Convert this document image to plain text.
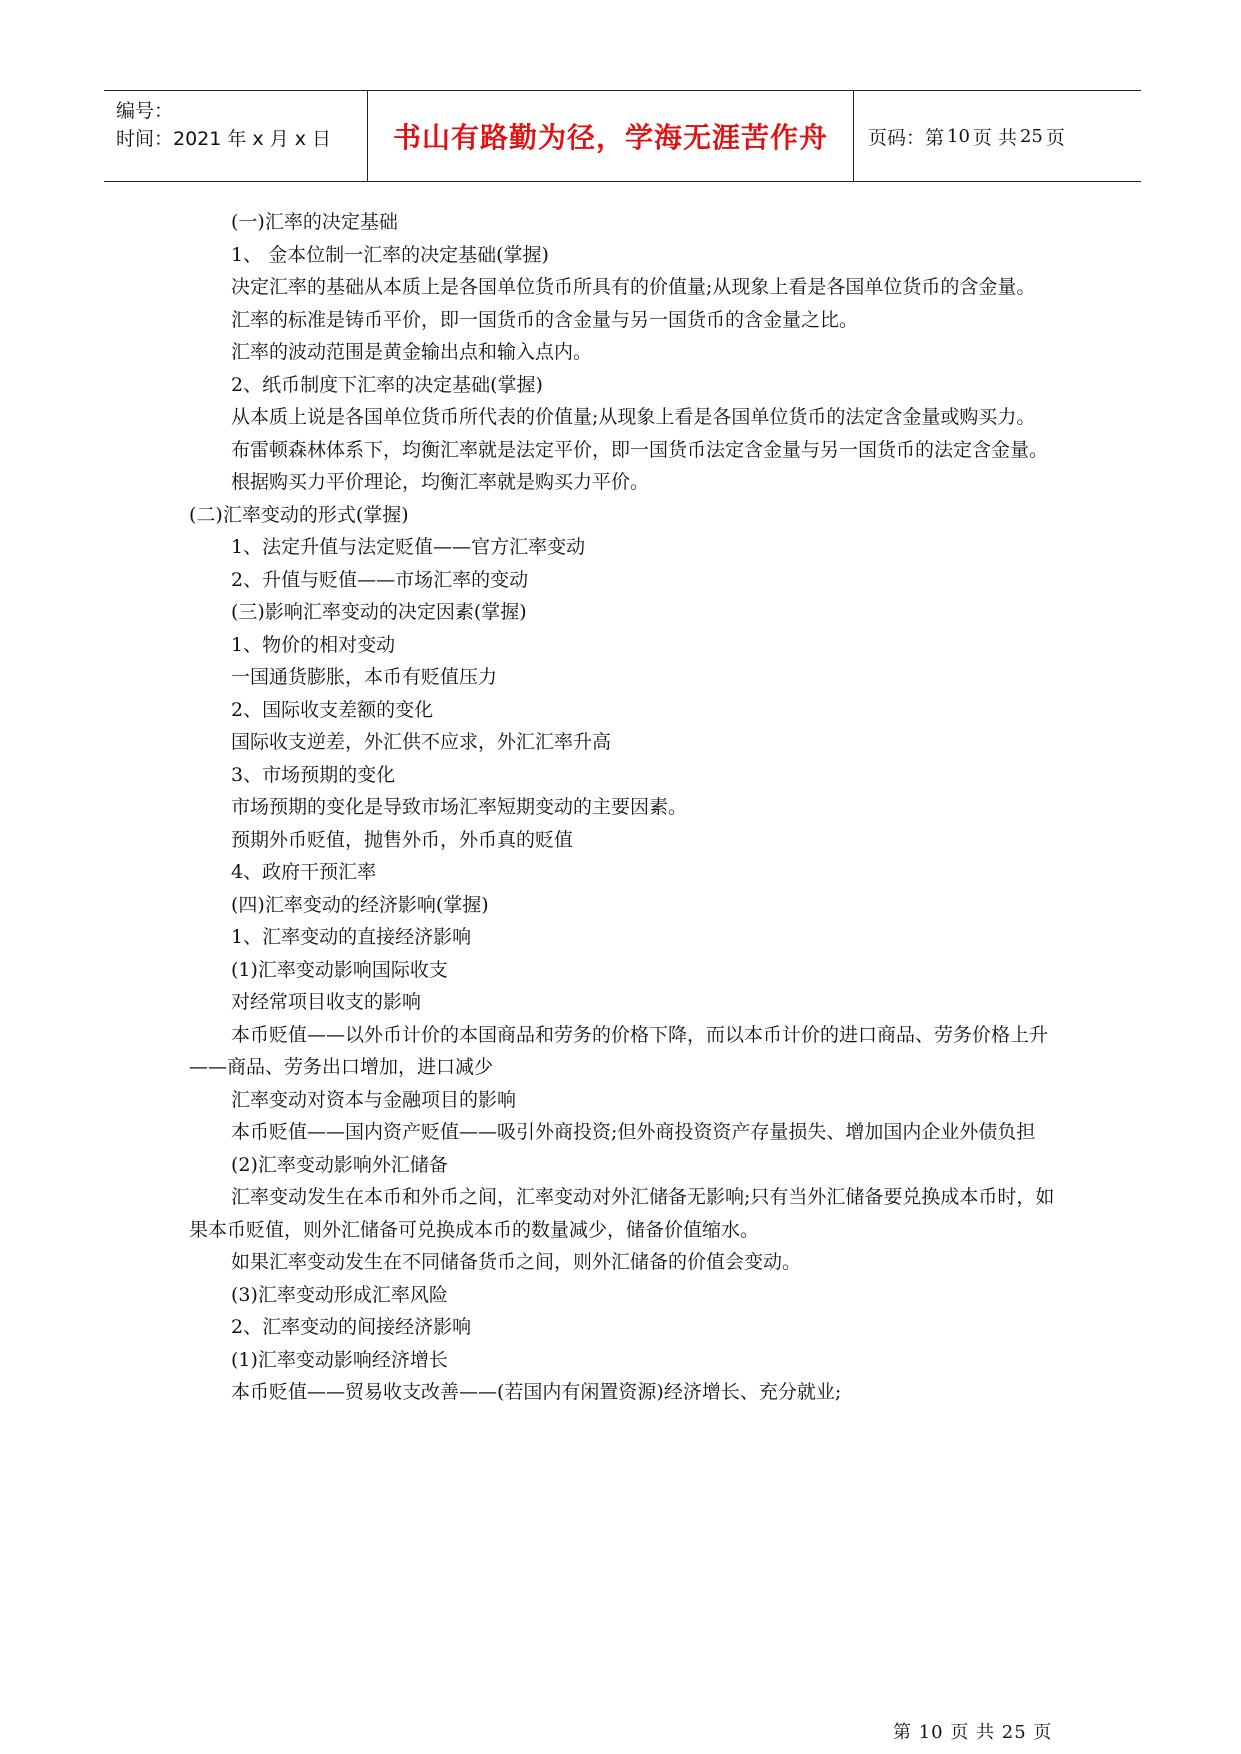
编号：
时间：2021 年 x 月 x 日	书山有路勤为径，学海无涯苦作舟 页码：第 10 页 共 25 页

(一)汇率的决定基础

1、 金本位制一汇率的决定基础(掌握)

决定汇率的基础从本质上是各国单位货币所具有的价值量;从现象上看是各国单位货币的含金量。

汇率的标准是铸币平价，即一国货币的含金量与另一国货币的含金量之比。

汇率的波动范围是黄金输出点和输入点内。

2、纸币制度下汇率的决定基础(掌握)

从本质上说是各国单位货币所代表的价值量;从现象上看是各国单位货币的法定含金量或购买力。

布雷顿森林体系下，均衡汇率就是法定平价，即一国货币法定含金量与另一国货币的法定含金量。

根据购买力平价理论，均衡汇率就是购买力平价。

(二)汇率变动的形式(掌握)

1、法定升值与法定贬值——官方汇率变动

2、升值与贬值——市场汇率的变动

(三)影响汇率变动的决定因素(掌握)

1、物价的相对变动

一国通货膨胀，本币有贬值压力

2、国际收支差额的变化

国际收支逆差，外汇供不应求，外汇汇率升高

3、市场预期的变化

市场预期的变化是导致市场汇率短期变动的主要因素。

预期外币贬值，抛售外币，外币真的贬值

4、政府干预汇率

(四)汇率变动的经济影响(掌握)

1、汇率变动的直接经济影响

(1)汇率变动影响国际收支

对经常项目收支的影响

本币贬值——以外币计价的本国商品和劳务的价格下降，而以本币计价的进口商品、劳务价格上升——商品、劳务出口增加，进口减少

汇率变动对资本与金融项目的影响

本币贬值——国内资产贬值——吸引外商投资;但外商投资资产存量损失、增加国内企业外债负担

(2)汇率变动影响外汇储备

汇率变动发生在本币和外币之间，汇率变动对外汇储备无影响;只有当外汇储备要兑换成本币时，如果本币贬值，则外汇储备可兑换成本币的数量减少，储备价值缩水。

如果汇率变动发生在不同储备货币之间，则外汇储备的价值会变动。

(3)汇率变动形成汇率风险

2、汇率变动的间接经济影响

(1)汇率变动影响经济增长

本币贬值——贸易收支改善——(若国内有闲置资源)经济增长、充分就业;

第 10 页 共 25 页
